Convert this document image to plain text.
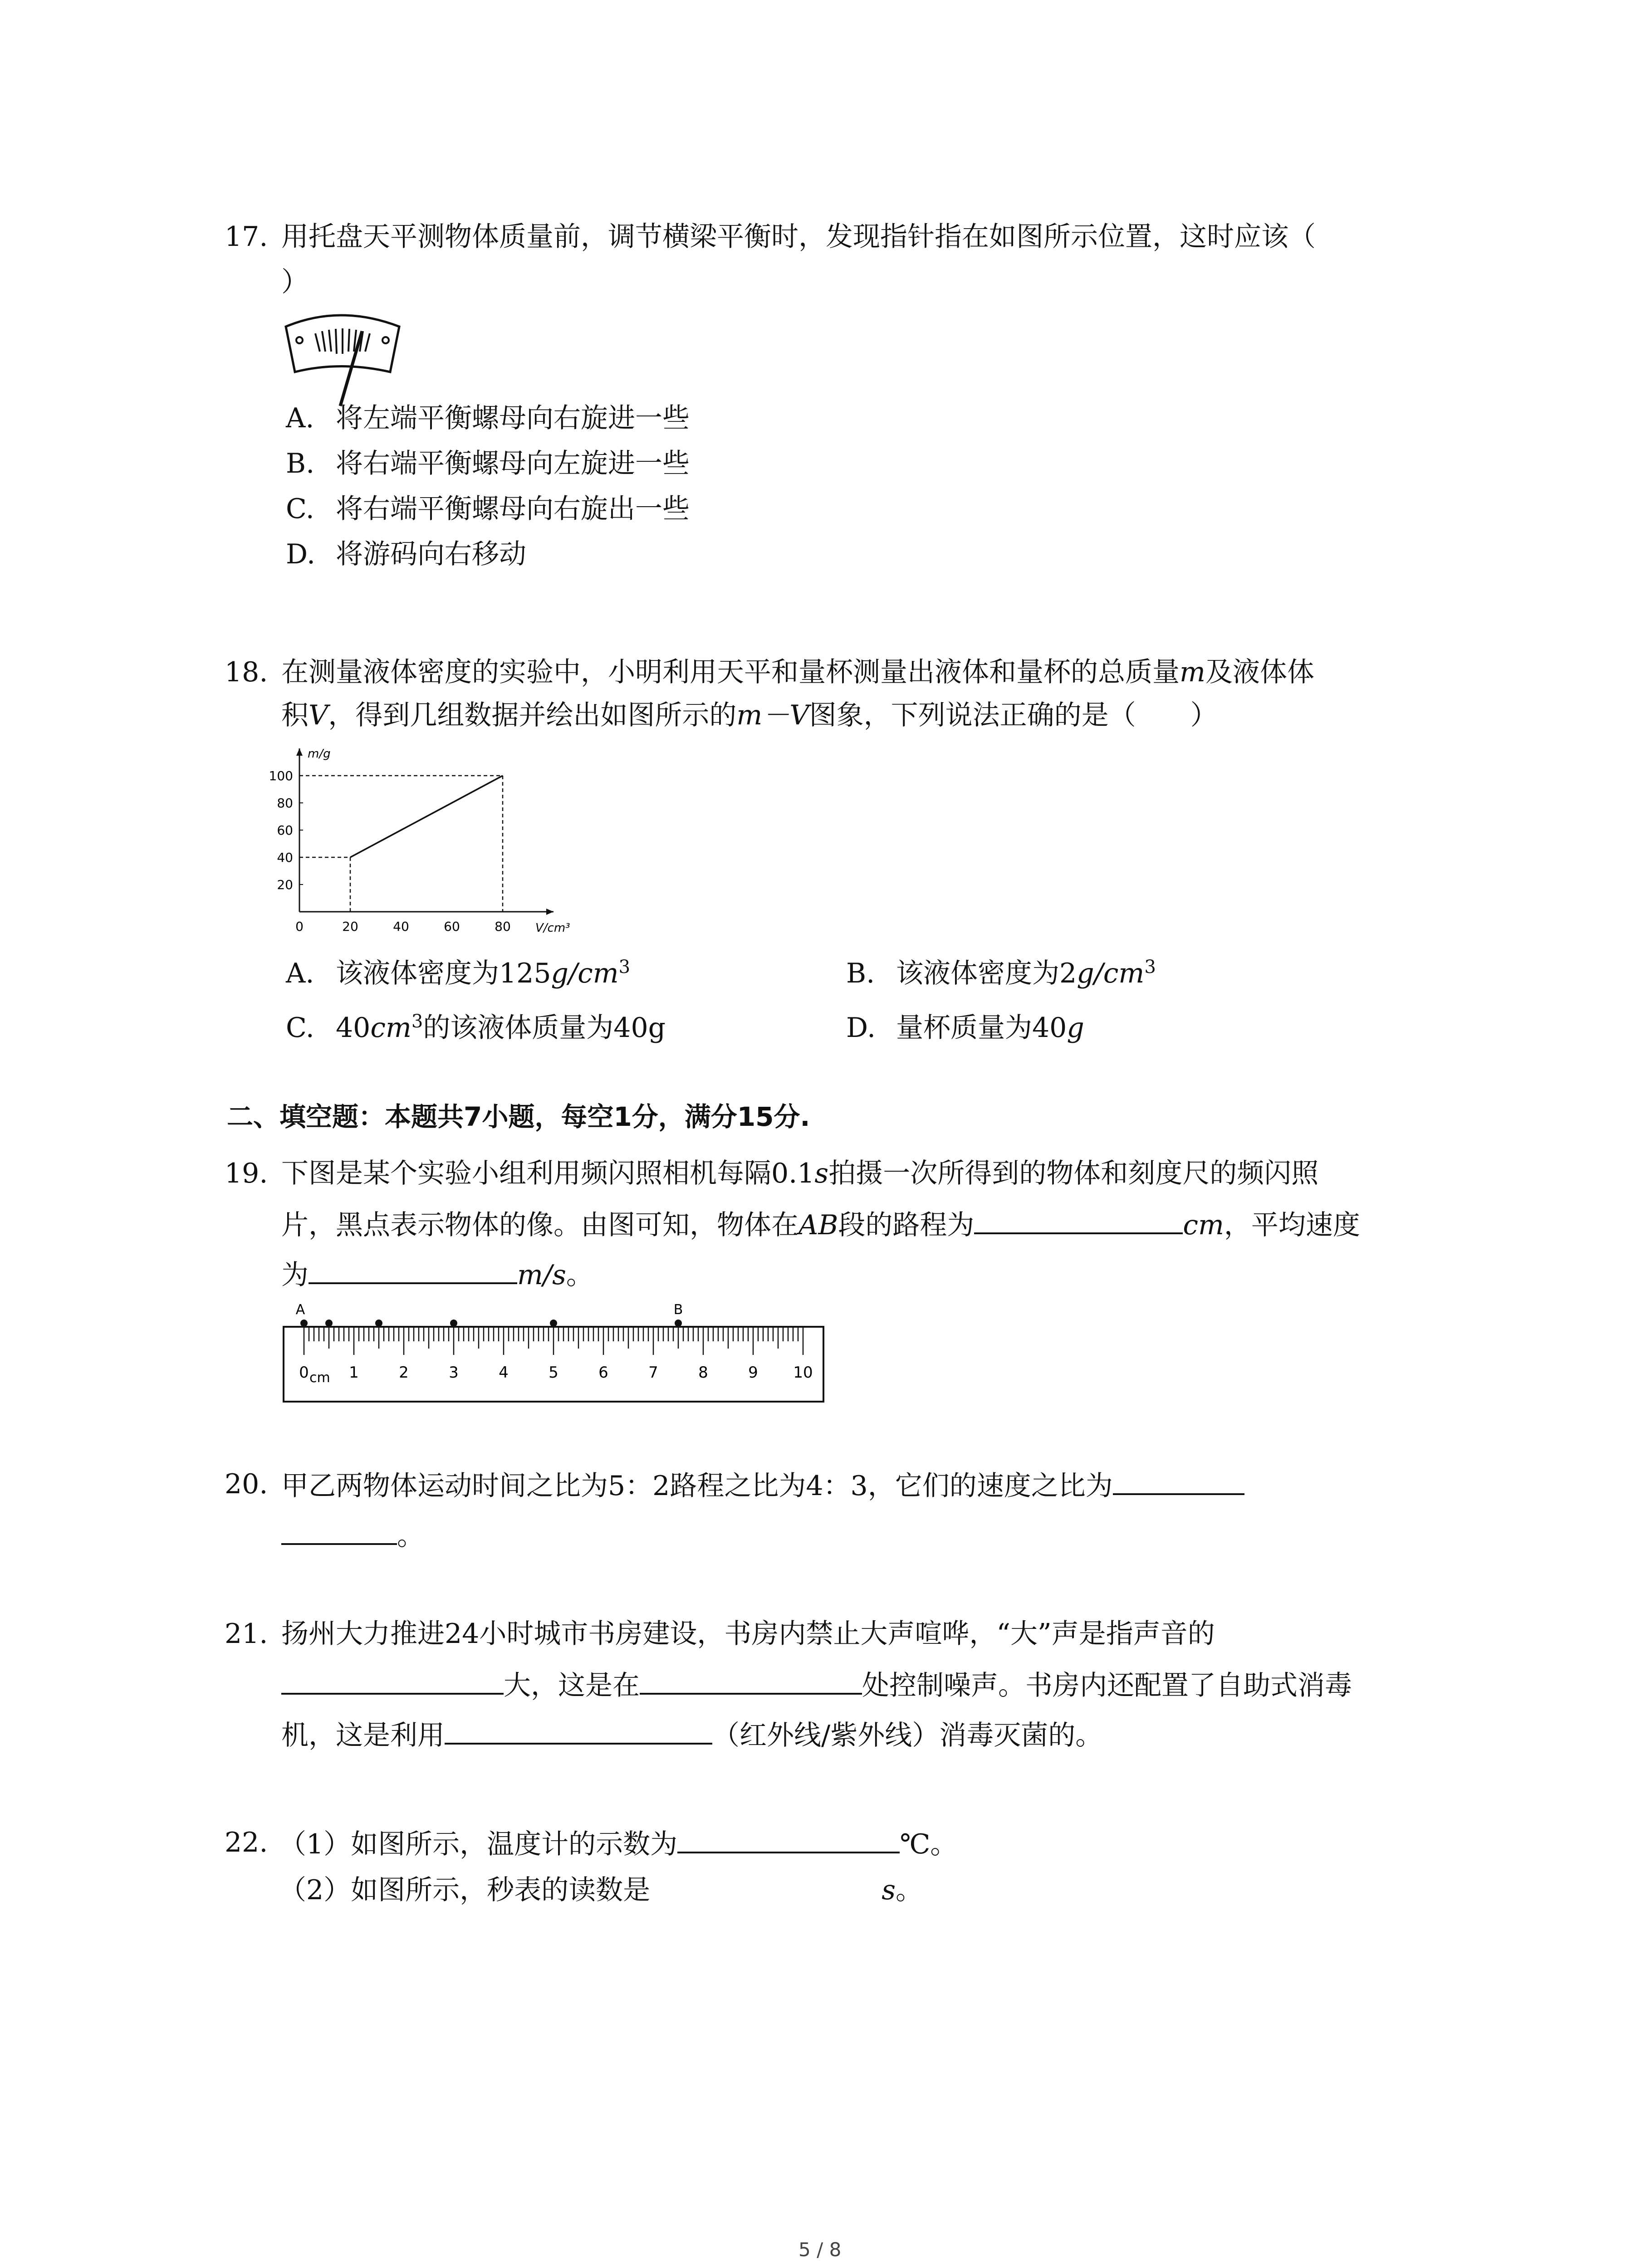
17. 用托盘天平测物体质量前，调节横梁平衡时，发现指针指在如图所示位置，这时应该（
）
A. 将左端平衡螺母向右旋进一些
B. 将右端平衡螺母向左旋进一些
C. 将右端平衡螺母向右旋出一些
D. 将游码向右移动
18. 在测量液体密度的实验中，小明利用天平和量杯测量出液体和量杯的总质量m及液体体
积V，得到几组数据并绘出如图所示的m－V图象，下列说法正确的是（　　）
0	20	40	60	80
20
40
60
80
100
m/g
V/cm³
A. 该液体密度为$125g/cm^3$	B. 该液体密度为$2g/cm^3$
C. $40cm^3$的该液体质量为40g	D. 量杯质量为40g
二、填空题：本题共7小题，每空1分，满分15分.
19. 下图是某个实验小组利用频闪照相机每隔0.1s拍摄一次所得到的物体和刻度尺的频闪照
片，黑点表示物体的像。由图可知，物体在AB段的路程为	cm，平均速度
为	m/s。
0	1	2	3	4	5	6	7	8	9 10
cm
A	B
20. 甲乙两物体运动时间之比为5：2路程之比为4：3，它们的速度之比为
。
21. 扬州大力推进24小时城市书房建设，书房内禁止大声喧哗，“大”声是指声音的
大，这是在	处控制噪声。书房内还配置了自助式消毒
机，这是利用	（红外线/紫外线）消毒灭菌的。
22. （1）如图所示，温度计的示数为	℃。
（2）如图所示，秒表的读数是	s。
5 / 8
